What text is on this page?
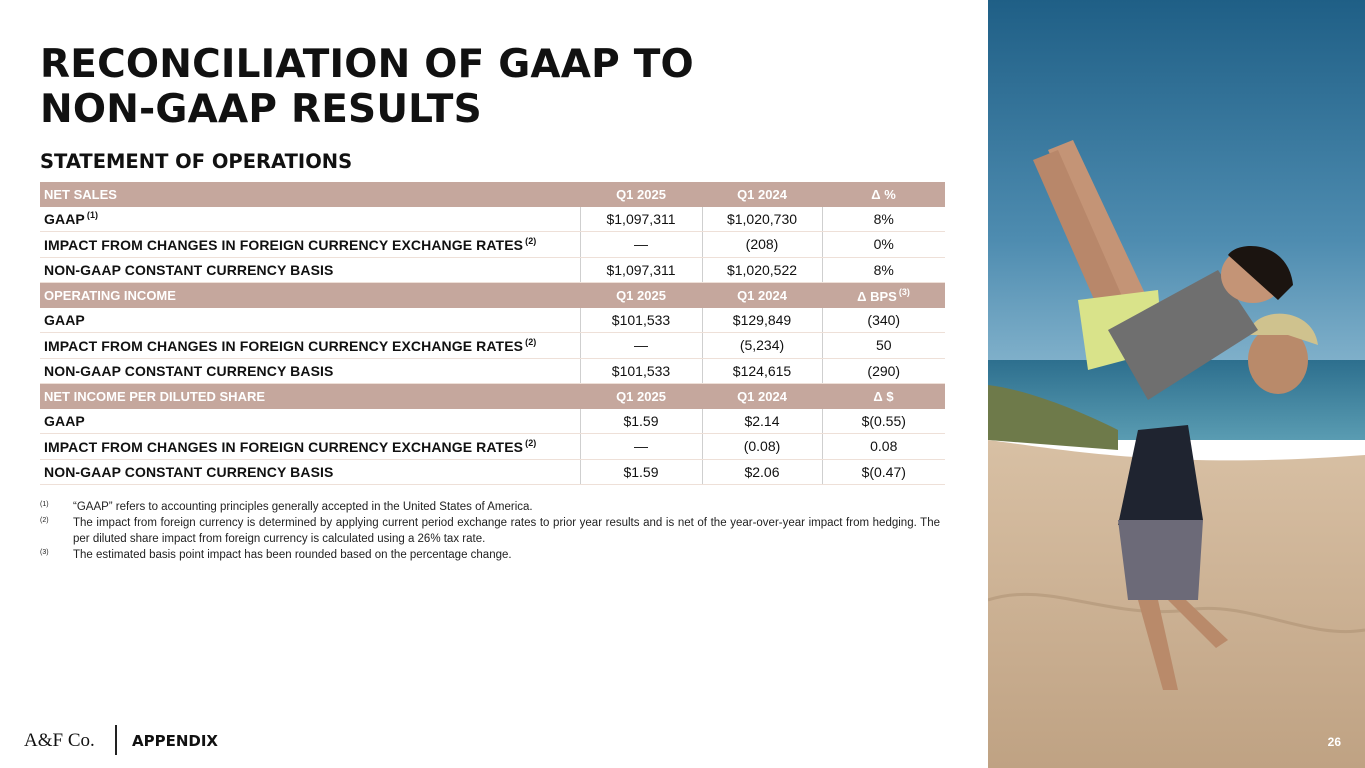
RECONCILIATION OF GAAP TO
NON-GAAP RESULTS
STATEMENT OF OPERATIONS
NET SALES	Q1 2025	Q1 2024	Δ %
GAAP $^{(1)}$	$1,097,311	$1,020,730	8%
IMPACT FROM CHANGES IN FOREIGN CURRENCY EXCHANGE RATES $^{(2)}$	—	(208)	0%
NON-GAAP CONSTANT CURRENCY BASIS	$1,097,311	$1,020,522	8%
OPERATING INCOME	Q1 2025	Q1 2024	Δ BPS $^{(3)}$
GAAP	$101,533	$129,849	(340)
IMPACT FROM CHANGES IN FOREIGN CURRENCY EXCHANGE RATES $^{(2)}$	—	(5,234)	50
NON-GAAP CONSTANT CURRENCY BASIS	$101,533	$124,615	(290)
NET INCOME PER DILUTED SHARE	Q1 2025	Q1 2024	Δ $
GAAP	$1.59	$2.14	$(0.55)
IMPACT FROM CHANGES IN FOREIGN CURRENCY EXCHANGE RATES $^{(2)}$	—	(0.08)	0.08
NON-GAAP CONSTANT CURRENCY BASIS	$1.59	$2.06	$(0.47)
(1)	“GAAP” refers to accounting principles generally accepted in the United States of America.
(2)	The impact from foreign currency is determined by applying current period exchange rates to prior year results and is net of the year-over-year impact from hedging. The per diluted share impact from foreign currency is calculated using a 26% tax rate.
(3)	The estimated basis point impact has been rounded based on the percentage change.
A&F Co. APPENDIX	26
